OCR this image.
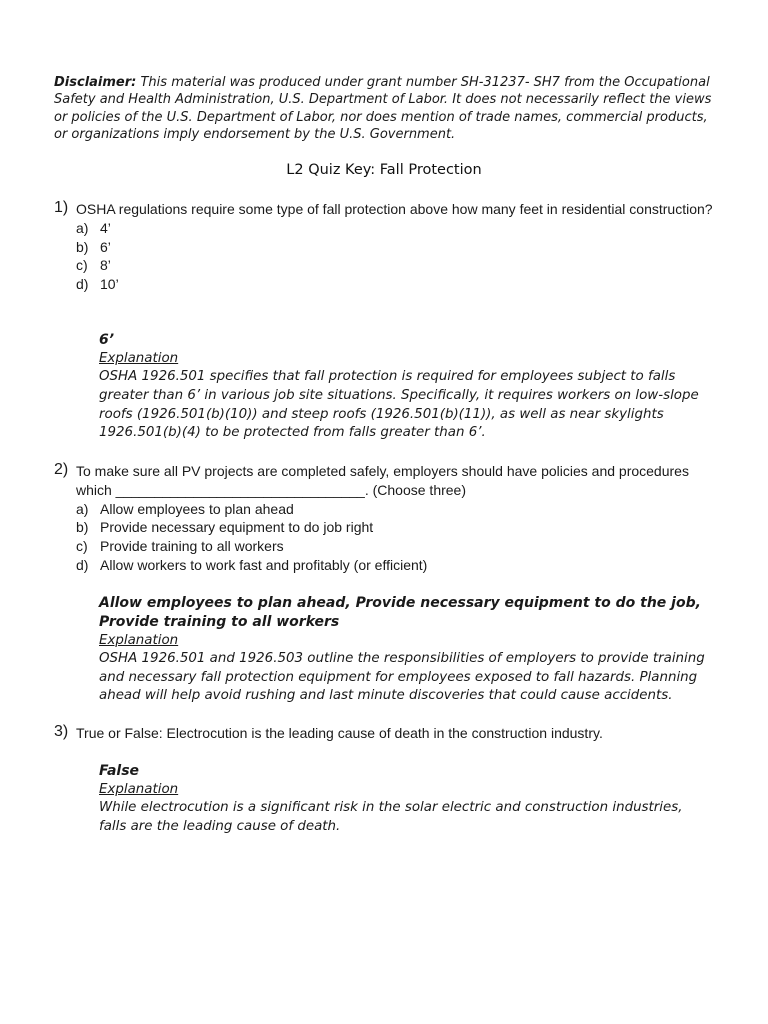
Disclaimer: This material was produced under grant number SH-31237- SH7 from the Occupational Safety and Health Administration, U.S. Department of Labor. It does not necessarily reflect the views or policies of the U.S. Department of Labor, nor does mention of trade names, commercial products, or organizations imply endorsement by the U.S. Government.
L2 Quiz Key: Fall Protection
1) OSHA regulations require some type of fall protection above how many feet in residential construction?
a) 4’
b) 6’
c) 8’
d) 10’
6’
Explanation
OSHA 1926.501 specifies that fall protection is required for employees subject to falls greater than 6’ in various job site situations. Specifically, it requires workers on low-slope roofs (1926.501(b)(10)) and steep roofs (1926.501(b)(11)), as well as near skylights 1926.501(b)(4) to be protected from falls greater than 6’.
2) To make sure all PV projects are completed safely, employers should have policies and procedures which ________________________________. (Choose three)
a) Allow employees to plan ahead
b) Provide necessary equipment to do job right
c) Provide training to all workers
d) Allow workers to work fast and profitably (or efficient)
Allow employees to plan ahead, Provide necessary equipment to do the job, Provide training to all workers
Explanation
OSHA 1926.501 and 1926.503 outline the responsibilities of employers to provide training and necessary fall protection equipment for employees exposed to fall hazards. Planning ahead will help avoid rushing and last minute discoveries that could cause accidents.
3) True or False: Electrocution is the leading cause of death in the construction industry.
False
Explanation
While electrocution is a significant risk in the solar electric and construction industries, falls are the leading cause of death.
